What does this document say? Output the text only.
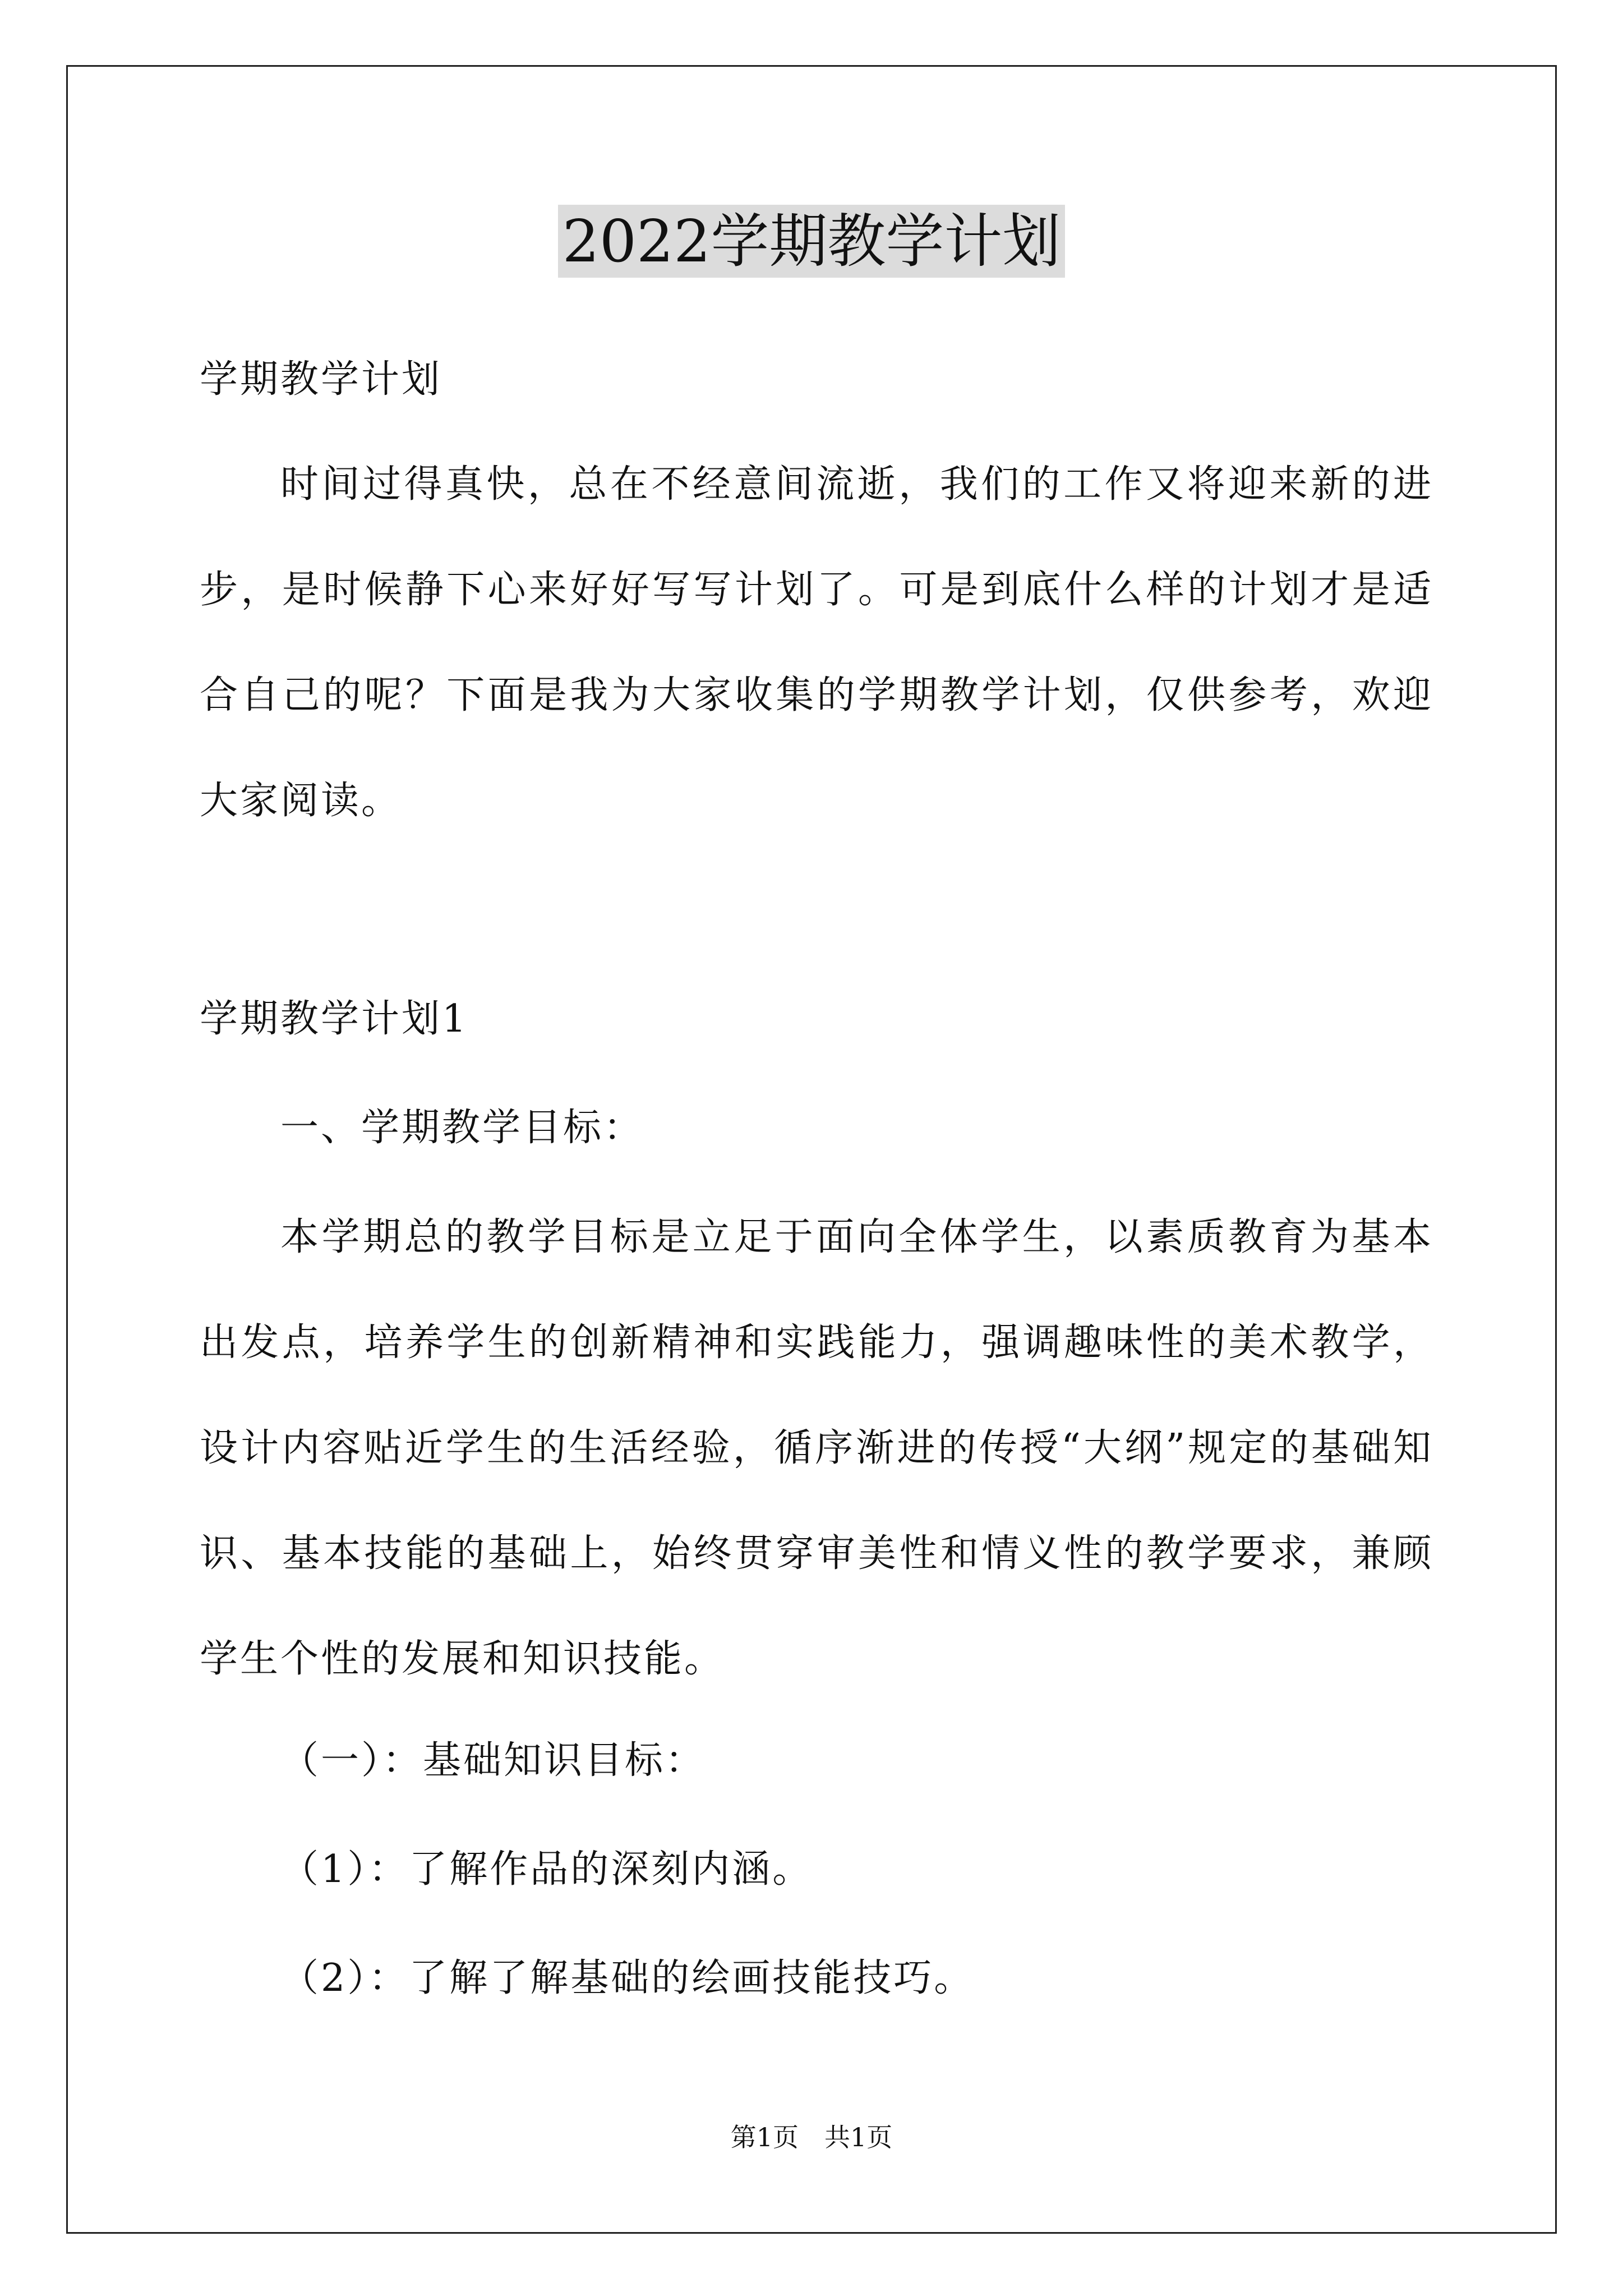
2022学期教学计划
学期教学计划
时间过得真快，总在不经意间流逝，我们的工作又将迎来新的进步，是时候静下心来好好写写计划了。可是到底什么样的计划才是适合自己的呢？下面是我为大家收集的学期教学计划，仅供参考，欢迎大家阅读。
学期教学计划1
一、学期教学目标：
本学期总的教学目标是立足于面向全体学生，以素质教育为基本出发点，培养学生的创新精神和实践能力，强调趣味性的美术教学，设计内容贴近学生的生活经验，循序渐进的传授“大纲”规定的基础知识、基本技能的基础上，始终贯穿审美性和情义性的教学要求，兼顾学生个性的发展和知识技能。
（一）：基础知识目标：
（1）：了解作品的深刻内涵。
（2）：了解了解基础的绘画技能技巧。
第1页 共1页
